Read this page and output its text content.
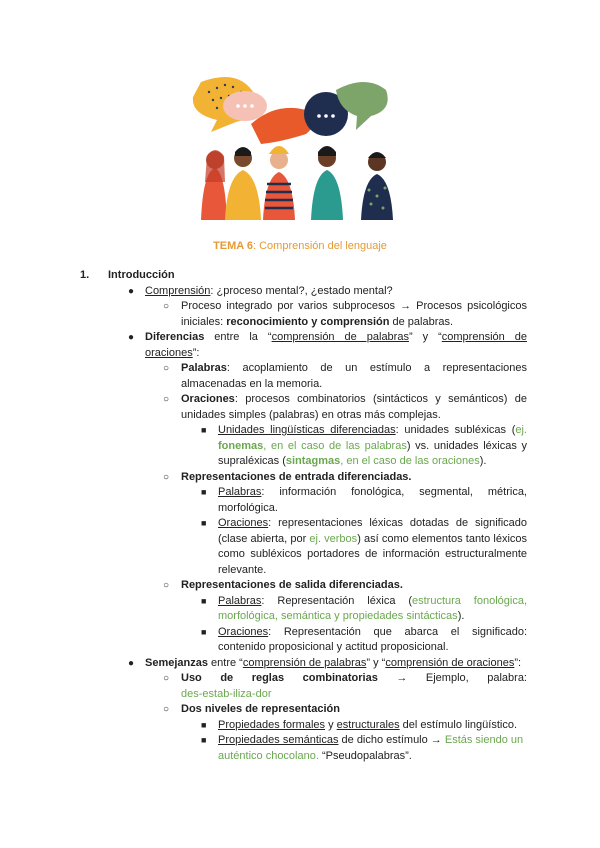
TEMA 6: Comprensión del lenguaje
1. Introducción
● Comprensión: ¿proceso mental?, ¿estado mental?
○ Proceso integrado por varios subprocesos → Procesos psicológicos
iniciales: reconocimiento y comprensión de palabras.
● Diferencias entre la “comprensión de palabras” y “comprensión de
oraciones”:
○ Palabras: acoplamiento de un estímulo a representaciones
almacenadas en la memoria.
○ Oraciones: procesos combinatorios (sintácticos y semánticos) de
unidades simples (palabras) en otras más complejas.
■ Unidades lingüísticas diferenciadas: unidades subléxicas (ej.
fonemas, en el caso de las palabras) vs. unidades léxicas y
supraléxicas (sintagmas, en el caso de las oraciones).
○ Representaciones de entrada diferenciadas.
■ Palabras: información fonológica, segmental, métrica,
morfológica.
■ Oraciones: representaciones léxicas dotadas de significado
(clase abierta, por ej. verbos) así como elementos tanto léxicos
como subléxicos portadores de información estructuralmente
relevante.
○ Representaciones de salida diferenciadas.
■ Palabras: Representación léxica (estructura fonológica,
morfológica, semántica y propiedades sintácticas).
■ Oraciones: Representación que abarca el significado:
contenido proposicional y actitud proposicional.
● Semejanzas entre “comprensión de palabras” y “comprensión de oraciones”:
○ Uso de reglas combinatorias → Ejemplo, palabra:
des-estab-iliza-dor
○ Dos niveles de representación
■ Propiedades formales y estructurales del estímulo lingüístico.
■ Propiedades semánticas de dicho estímulo → Estás siendo un
auténtico chocolano. “Pseudopalabras”.
